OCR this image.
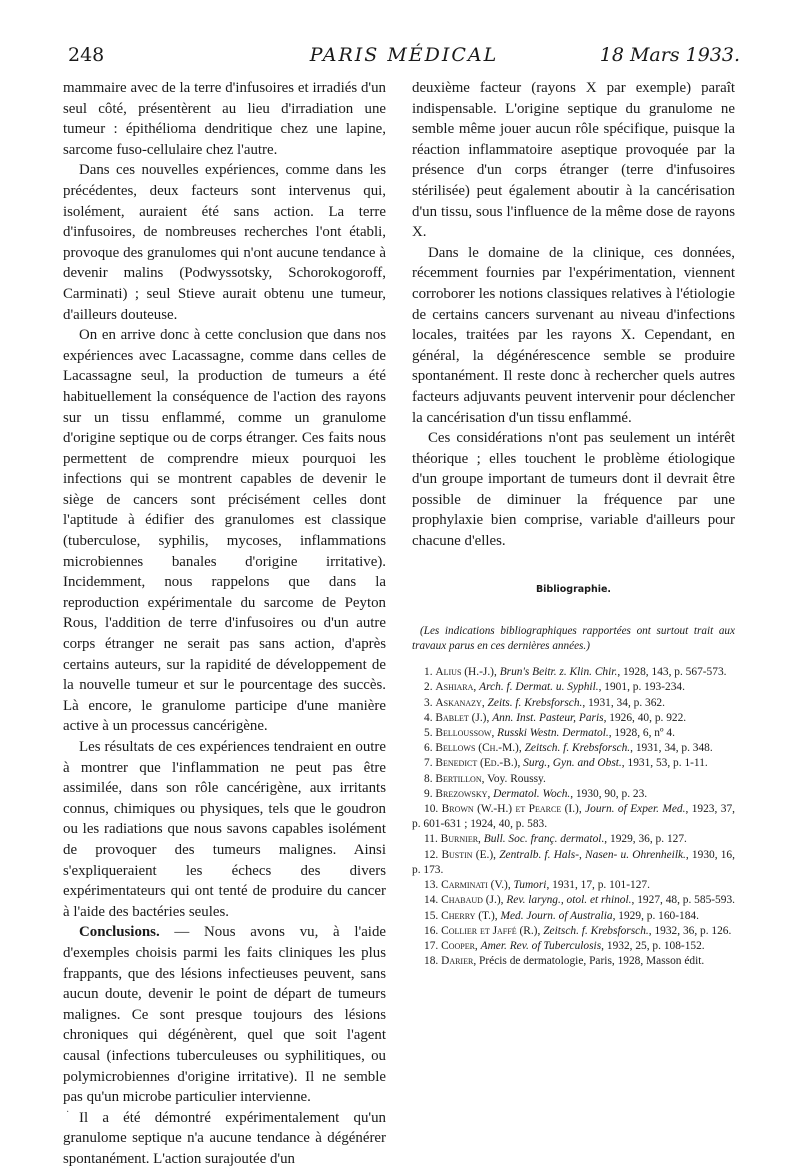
248	PARIS MÉDICAL	18 Mars 1933.

mammaire avec de la terre d'infusoires et irradiés d'un seul côté, présentèrent au lieu d'irradiation une tumeur : épithélioma dendritique chez une lapine, sarcome fuso-cellulaire chez l'autre.

Dans ces nouvelles expériences, comme dans les précédentes, deux facteurs sont intervenus qui, isolément, auraient été sans action. La terre d'infusoires, de nombreuses recherches l'ont établi, provoque des granulomes qui n'ont aucune tendance à devenir malins (Podwyssotsky, Schorokogoroff, Carminati) ; seul Stieve aurait obtenu une tumeur, d'ailleurs douteuse.

On en arrive donc à cette conclusion que dans nos expériences avec Lacassagne, comme dans celles de Lacassagne seul, la production de tumeurs a été habituellement la conséquence de l'action des rayons sur un tissu enflammé, comme un granulome d'origine septique ou de corps étranger. Ces faits nous permettent de comprendre mieux pourquoi les infections qui se montrent capables de devenir le siège de cancers sont précisément celles dont l'aptitude à édifier des granulomes est classique (tuberculose, syphilis, mycoses, inflammations microbiennes banales d'origine irritative). Incidemment, nous rappelons que dans la reproduction expérimentale du sarcome de Peyton Rous, l'addition de terre d'infusoires ou d'un autre corps étranger ne serait pas sans action, d'après certains auteurs, sur la rapidité de développement de la nouvelle tumeur et sur le pourcentage des succès. Là encore, le granulome participe d'une manière active à un processus cancérigène.

Les résultats de ces expériences tendraient en outre à montrer que l'inflammation ne peut pas être assimilée, dans son rôle cancérigène, aux irritants connus, chimiques ou physiques, tels que le goudron ou les radiations que nous savons capables isolément de provoquer des tumeurs malignes. Ainsi s'expliqueraient les échecs des divers expérimentateurs qui ont tenté de produire du cancer à l'aide des bactéries seules.

Conclusions. — Nous avons vu, à l'aide d'exemples choisis parmi les faits cliniques les plus frappants, que des lésions infectieuses peuvent, sans aucun doute, devenir le point de départ de tumeurs malignes. Ce sont presque toujours des lésions chroniques qui dégénèrent, quel que soit l'agent causal (infections tuberculeuses ou syphilitiques, ou polymicrobiennes d'origine irritative). Il ne semble pas qu'un microbe particulier intervienne.

Il a été démontré expérimentalement qu'un granulome septique n'a aucune tendance à dégénérer spontanément. L'action surajoutée d'un

deuxième facteur (rayons X par exemple) paraît indispensable. L'origine septique du granulome ne semble même jouer aucun rôle spécifique, puisque la réaction inflammatoire aseptique provoquée par la présence d'un corps étranger (terre d'infusoires stérilisée) peut également aboutir à la cancérisation d'un tissu, sous l'influence de la même dose de rayons X.

Dans le domaine de la clinique, ces données, récemment fournies par l'expérimentation, viennent corroborer les notions classiques relatives à l'étiologie de certains cancers survenant au niveau d'infections locales, traitées par les rayons X. Cependant, en général, la dégénérescence semble se produire spontanément. Il reste donc à rechercher quels autres facteurs adjuvants peuvent intervenir pour déclencher la cancérisation d'un tissu enflammé.

Ces considérations n'ont pas seulement un intérêt théorique ; elles touchent le problème étiologique d'un groupe important de tumeurs dont il devrait être possible de diminuer la fréquence par une prophylaxie bien comprise, variable d'ailleurs pour chacune d'elles.

Bibliographie.
(Les indications bibliographiques rapportées ont surtout trait aux travaux parus en ces dernières années.)
1. Alius (H.-J.), Brun's Beitr. z. Klin. Chir., 1928, 143, p. 567-573.
2. Ashiara, Arch. f. Dermat. u. Syphil., 1901, p. 193-234.
3. Askanazy, Zeits. f. Krebsforsch., 1931, 34, p. 362.
4. Bablet (J.), Ann. Inst. Pasteur, Paris, 1926, 40, p. 922.
5. Belloussow, Russki Westn. Dermatol., 1928, 6, nº 4.
6. Bellows (Ch.-M.), Zeitsch. f. Krebsforsch., 1931, 34, p. 348.
7. Benedict (Ed.-B.), Surg., Gyn. and Obst., 1931, 53, p. 1-11.
8. Bertillon, Voy. Roussy.
9. Brezowsky, Dermatol. Woch., 1930, 90, p. 23.
10. Brown (W.-H.) et Pearce (I.), Journ. of Exper. Med., 1923, 37, p. 601-631 ; 1924, 40, p. 583.
11. Burnier, Bull. Soc. franç. dermatol., 1929, 36, p. 127.
12. Bustin (E.), Zentralb. f. Hals-, Nasen- u. Ohrenheilk., 1930, 16, p. 173.
13. Carminati (V.), Tumori, 1931, 17, p. 101-127.
14. Chabaud (J.), Rev. laryng., otol. et rhinol., 1927, 48, p. 585-593.
15. Cherry (T.), Med. Journ. of Australia, 1929, p. 160-184.
16. Collier et Jaffé (R.), Zeitsch. f. Krebsforsch., 1932, 36, p. 126.
17. Cooper, Amer. Rev. of Tuberculosis, 1932, 25, p. 108-152.
18. Darier, Précis de dermatologie, Paris, 1928, Masson édit.
·
